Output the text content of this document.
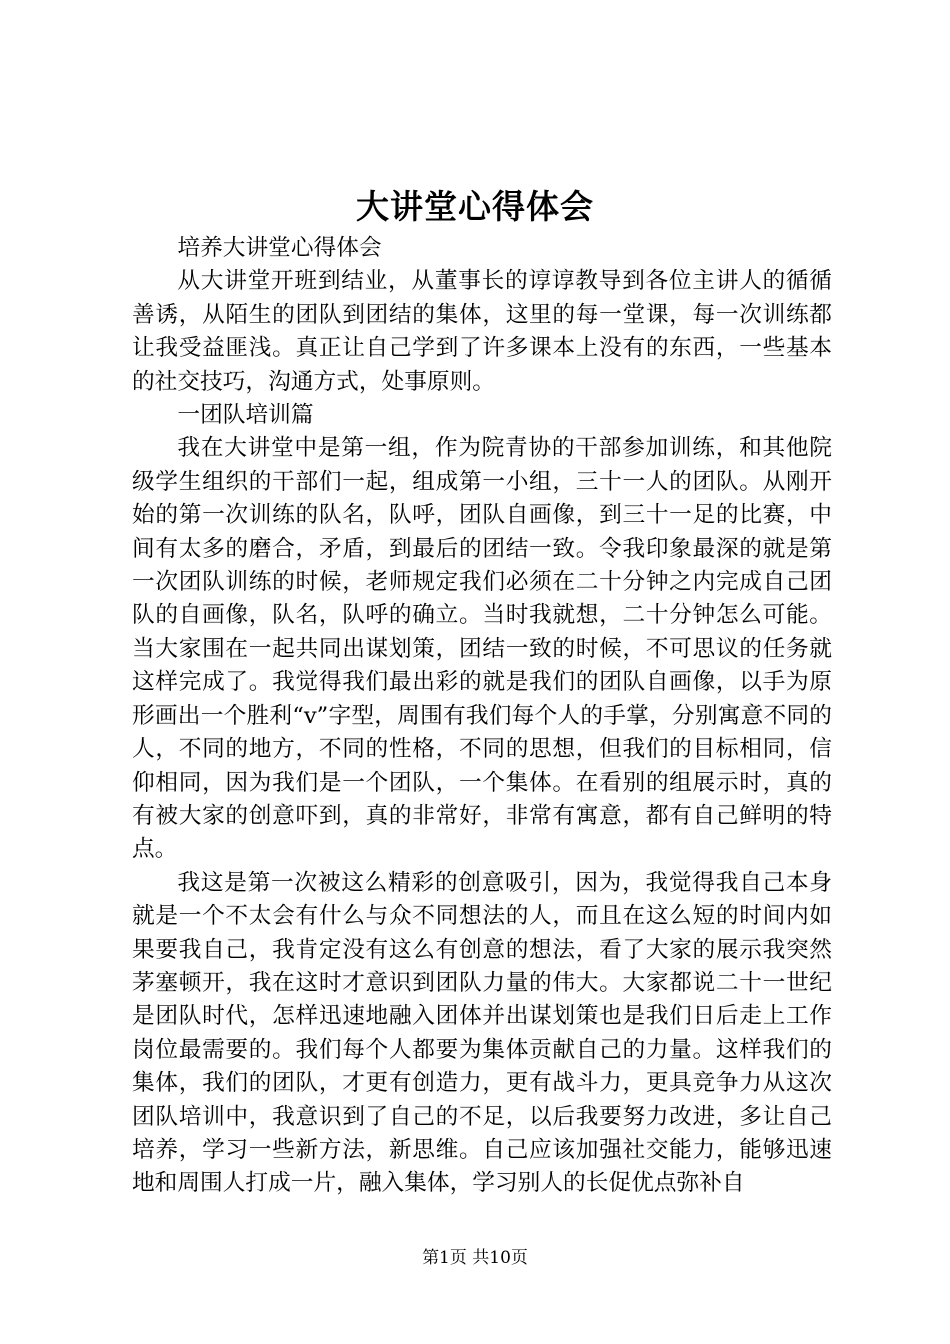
大讲堂心得体会

培养大讲堂心得体会

从大讲堂开班到结业，从董事长的谆谆教导到各位主讲人的循循善诱，从陌生的团队到团结的集体，这里的每一堂课，每一次训练都让我受益匪浅。真正让自己学到了许多课本上没有的东西，一些基本的社交技巧，沟通方式，处事原则。

一团队培训篇

我在大讲堂中是第一组，作为院青协的干部参加训练，和其他院级学生组织的干部们一起，组成第一小组，三十一人的团队。从刚开始的第一次训练的队名，队呼，团队自画像，到三十一足的比赛，中间有太多的磨合，矛盾，到最后的团结一致。令我印象最深的就是第一次团队训练的时候，老师规定我们必须在二十分钟之内完成自己团队的自画像，队名，队呼的确立。当时我就想，二十分钟怎么可能。当大家围在一起共同出谋划策，团结一致的时候，不可思议的任务就这样完成了。我觉得我们最出彩的就是我们的团队自画像，以手为原形画出一个胜利“v”字型，周围有我们每个人的手掌，分别寓意不同的人，不同的地方，不同的性格，不同的思想，但我们的目标相同，信仰相同，因为我们是一个团队，一个集体。在看别的组展示时，真的有被大家的创意吓到，真的非常好，非常有寓意，都有自己鲜明的特点。

我这是第一次被这么精彩的创意吸引，因为，我觉得我自己本身就是一个不太会有什么与众不同想法的人，而且在这么短的时间内如果要我自己，我肯定没有这么有创意的想法，看了大家的展示我突然茅塞顿开，我在这时才意识到团队力量的伟大。大家都说二十一世纪是团队时代，怎样迅速地融入团体并出谋划策也是我们日后走上工作岗位最需要的。我们每个人都要为集体贡献自己的力量。这样我们的集体，我们的团队，才更有创造力，更有战斗力，更具竞争力从这次团队培训中，我意识到了自己的不足，以后我要努力改进，多让自己培养，学习一些新方法，新思维。自己应该加强社交能力，能够迅速地和周围人打成一片，融入集体，学习别人的长促优点弥补自

第1页 共10页
